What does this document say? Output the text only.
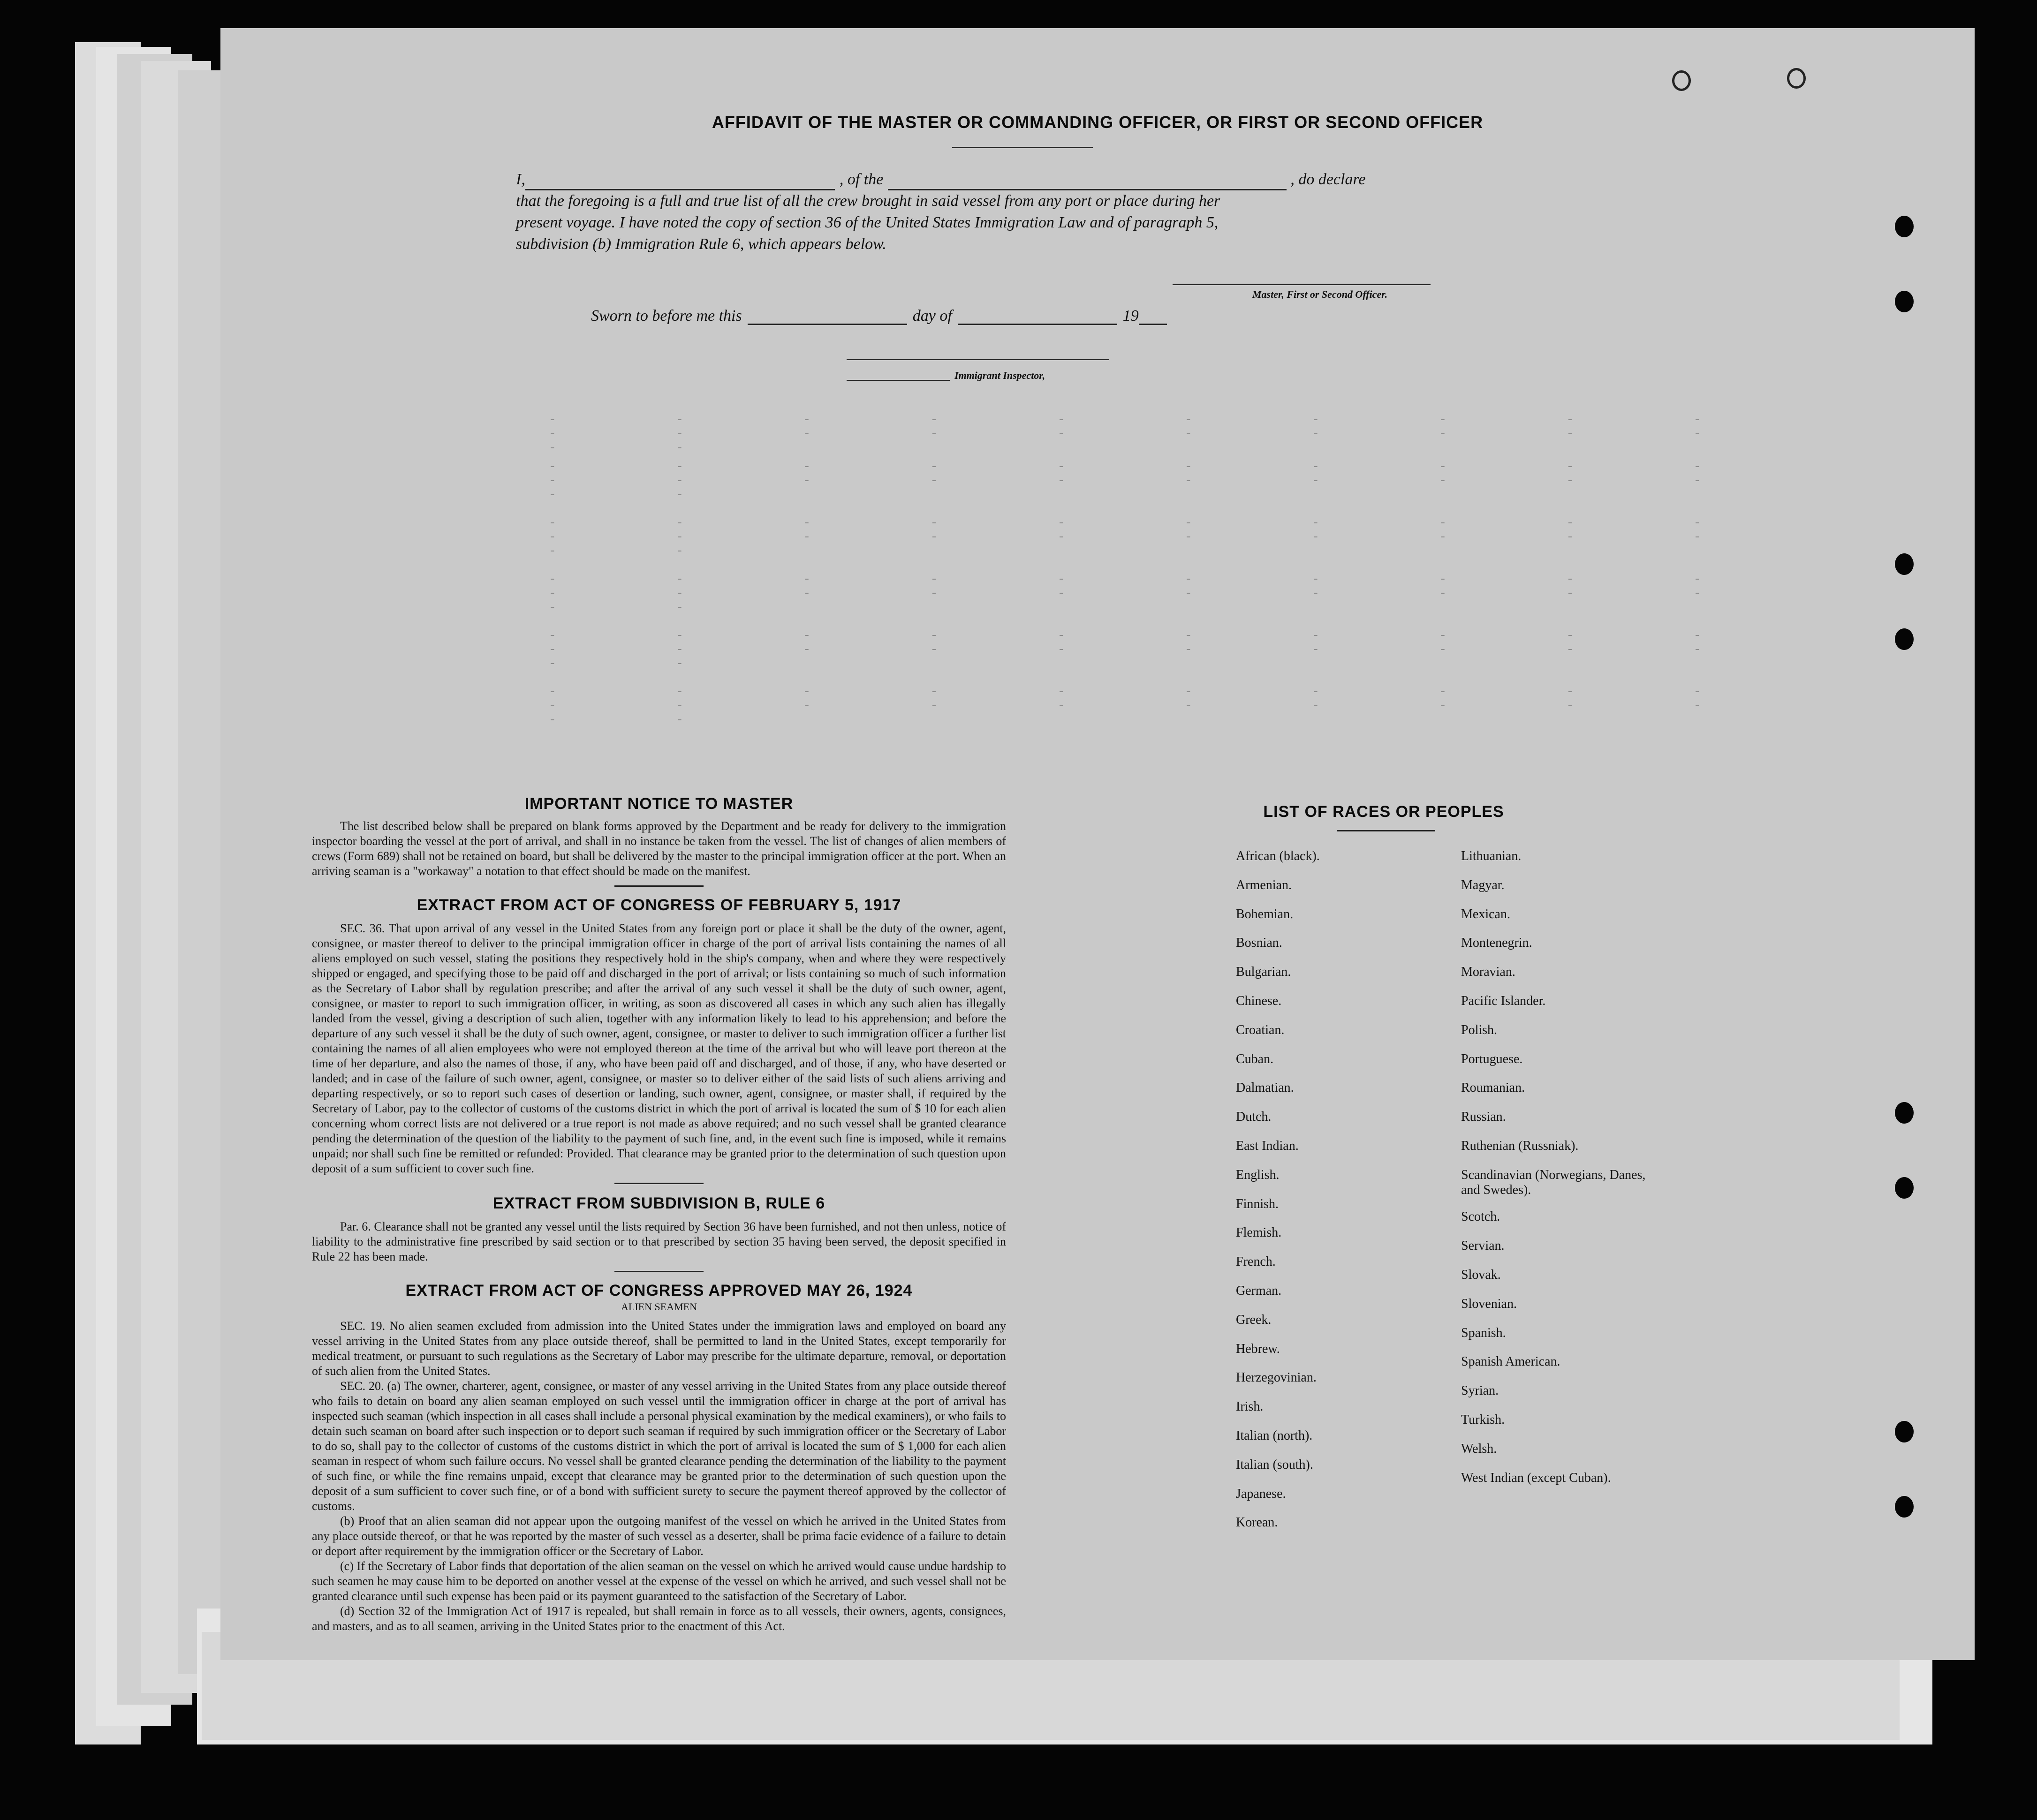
- - - - - - - - - - - - - - - - - - - - - -
- - - - - - - - - - - - - - - - - - - - - -
- - - - - - - - - - - - - - - - - - - - - -
- - - - - - - - - - - - - - - - - - - - - -
- - - - - - - - - - - - - - - - - - - - - -
- - - - - - - - - - - - - - - - - - - - - -
AFFIDAVIT OF THE MASTER OR COMMANDING OFFICER, OR FIRST OR SECOND OFFICER
I,	, of the	, do declare
that the foregoing is a full and true list of all the crew brought in said vessel from any port or place during her
present voyage. I have noted the copy of section 36 of the United States Immigration Law and of paragraph 5,
subdivision (b) Immigration Rule 6, which appears below.
Master, First or Second Officer.
Sworn to before me this	day of	19
Immigrant Inspector,
IMPORTANT NOTICE TO MASTER
The list described below shall be prepared on blank forms approved by the Department and be ready for delivery to the immigration inspector boarding the vessel at the port of arrival, and shall in no instance be taken from the vessel. The list of changes of alien members of crews (Form 689) shall not be retained on board, but shall be delivered by the master to the principal immigration officer at the port. When an arriving seaman is a "workaway" a notation to that effect should be made on the manifest.
EXTRACT FROM ACT OF CONGRESS OF FEBRUARY 5, 1917
SEC. 36. That upon arrival of any vessel in the United States from any foreign port or place it shall be the duty of the owner, agent, consignee, or master thereof to deliver to the principal immigration officer in charge of the port of arrival lists containing the names of all aliens employed on such vessel, stating the positions they respectively hold in the ship's company, when and where they were respectively shipped or engaged, and specifying those to be paid off and discharged in the port of arrival; or lists containing so much of such information as the Secretary of Labor shall by regulation prescribe; and after the arrival of any such vessel it shall be the duty of such owner, agent, consignee, or master to report to such immigration officer, in writing, as soon as discovered all cases in which any such alien has illegally landed from the vessel, giving a description of such alien, together with any information likely to lead to his apprehension; and before the departure of any such vessel it shall be the duty of such owner, agent, consignee, or master to deliver to such immigration officer a further list containing the names of all alien employees who were not employed thereon at the time of the arrival but who will leave port thereon at the time of her departure, and also the names of those, if any, who have been paid off and discharged, and of those, if any, who have deserted or landed; and in case of the failure of such owner, agent, consignee, or master so to deliver either of the said lists of such aliens arriving and departing respectively, or so to report such cases of desertion or landing, such owner, agent, consignee, or master shall, if required by the Secretary of Labor, pay to the collector of customs of the customs district in which the port of arrival is located the sum of $ 10 for each alien concerning whom correct lists are not delivered or a true report is not made as above required; and no such vessel shall be granted clearance pending the determination of the question of the liability to the payment of such fine, and, in the event such fine is imposed, while it remains unpaid; nor shall such fine be remitted or refunded: Provided. That clearance may be granted prior to the determination of such question upon deposit of a sum sufficient to cover such fine.
EXTRACT FROM SUBDIVISION B, RULE 6
Par. 6. Clearance shall not be granted any vessel until the lists required by Section 36 have been furnished, and not then unless, notice of liability to the administrative fine prescribed by said section or to that prescribed by section 35 having been served, the deposit specified in Rule 22 has been made.
EXTRACT FROM ACT OF CONGRESS APPROVED MAY 26, 1924
ALIEN SEAMEN
SEC. 19. No alien seamen excluded from admission into the United States under the immigration laws and employed on board any vessel arriving in the United States from any place outside thereof, shall be permitted to land in the United States, except temporarily for medical treatment, or pursuant to such regulations as the Secretary of Labor may prescribe for the ultimate departure, removal, or deportation of such alien from the United States.
SEC. 20. (a) The owner, charterer, agent, consignee, or master of any vessel arriving in the United States from any place outside thereof who fails to detain on board any alien seaman employed on such vessel until the immigration officer in charge at the port of arrival has inspected such seaman (which inspection in all cases shall include a personal physical examination by the medical examiners), or who fails to detain such seaman on board after such inspection or to deport such seaman if required by such immigration officer or the Secretary of Labor to do so, shall pay to the collector of customs of the customs district in which the port of arrival is located the sum of $ 1,000 for each alien seaman in respect of whom such failure occurs. No vessel shall be granted clearance pending the determination of the liability to the payment of such fine, or while the fine remains unpaid, except that clearance may be granted prior to the determination of such question upon the deposit of a sum sufficient to cover such fine, or of a bond with sufficient surety to secure the payment thereof approved by the collector of customs.
(b) Proof that an alien seaman did not appear upon the outgoing manifest of the vessel on which he arrived in the United States from any place outside thereof, or that he was reported by the master of such vessel as a deserter, shall be prima facie evidence of a failure to detain or deport after requirement by the immigration officer or the Secretary of Labor.
(c) If the Secretary of Labor finds that deportation of the alien seaman on the vessel on which he arrived would cause undue hardship to such seamen he may cause him to be deported on another vessel at the expense of the vessel on which he arrived, and such vessel shall not be granted clearance until such expense has been paid or its payment guaranteed to the satisfaction of the Secretary of Labor.
(d) Section 32 of the Immigration Act of 1917 is repealed, but shall remain in force as to all vessels, their owners, agents, consignees, and masters, and as to all seamen, arriving in the United States prior to the enactment of this Act.
LIST OF RACES OR PEOPLES
African (black).
Armenian.
Bohemian.
Bosnian.
Bulgarian.
Chinese.
Croatian.
Cuban.
Dalmatian.
Dutch.
East Indian.
English.
Finnish.
Flemish.
French.
German.
Greek.
Hebrew.
Herzegovinian.
Irish.
Italian (north).
Italian (south).
Japanese.
Korean.
Lithuanian.
Magyar.
Mexican.
Montenegrin.
Moravian.
Pacific Islander.
Polish.
Portuguese.
Roumanian.
Russian.
Ruthenian (Russniak).
Scandinavian (Norwegians, Danes, and Swedes).
Scotch.
Servian.
Slovak.
Slovenian.
Spanish.
Spanish American.
Syrian.
Turkish.
Welsh.
West Indian (except Cuban).
